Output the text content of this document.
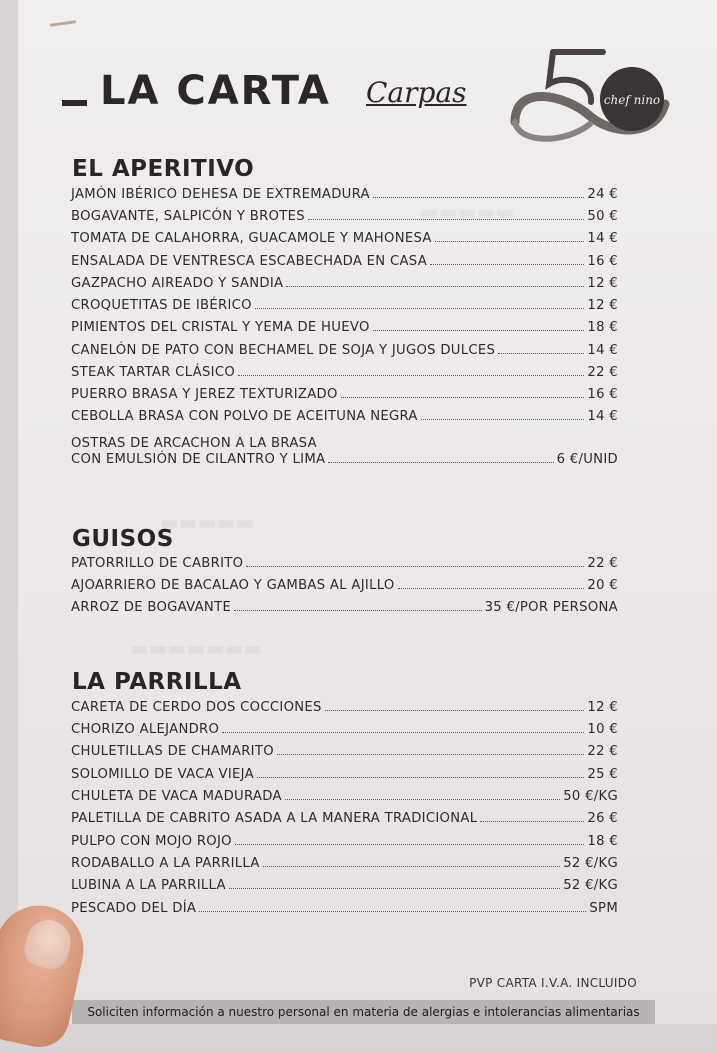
▬▬▬▬▬
▬▬▬▬▬
▬▬▬▬▬▬▬
LA CARTA Carpas	chef nino
EL APERITIVO
JAMÓN IBÉRICO DEHESA DE EXTREMADURA	24 €
BOGAVANTE, SALPICÓN Y BROTES	50 €
TOMATA DE CALAHORRA, GUACAMOLE Y MAHONESA	14 €
ENSALADA DE VENTRESCA ESCABECHADA EN CASA	16 €
GAZPACHO AIREADO Y SANDIA	12 €
CROQUETITAS DE IBÉRICO	12 €
PIMIENTOS DEL CRISTAL Y YEMA DE HUEVO	18 €
CANELÓN DE PATO CON BECHAMEL DE SOJA Y JUGOS DULCES	14 €
STEAK TARTAR CLÁSICO	22 €
PUERRO BRASA Y JEREZ TEXTURIZADO	16 €
CEBOLLA BRASA CON POLVO DE ACEITUNA NEGRA	14 €
OSTRAS DE ARCACHON A LA BRASA
CON EMULSIÓN DE CILANTRO Y LIMA	6 €/UNID
GUISOS
PATORRILLO DE CABRITO	22 €
AJOARRIERO DE BACALAO Y GAMBAS AL AJILLO	20 €
ARROZ DE BOGAVANTE	35 €/POR PERSONA
LA PARRILLA
CARETA DE CERDO DOS COCCIONES	12 €
CHORIZO ALEJANDRO	10 €
CHULETILLAS DE CHAMARITO	22 €
SOLOMILLO DE VACA VIEJA	25 €
CHULETA DE VACA MADURADA	50 €/KG
PALETILLA DE CABRITO ASADA A LA MANERA TRADICIONAL	26 €
PULPO CON MOJO ROJO	18 €
RODABALLO A LA PARRILLA	52 €/KG
LUBINA A LA PARRILLA	52 €/KG
PESCADO DEL DÍA	SPM
PVP CARTA I.V.A. INCLUIDO
Soliciten información a nuestro personal en materia de alergias e intolerancias alimentarias
